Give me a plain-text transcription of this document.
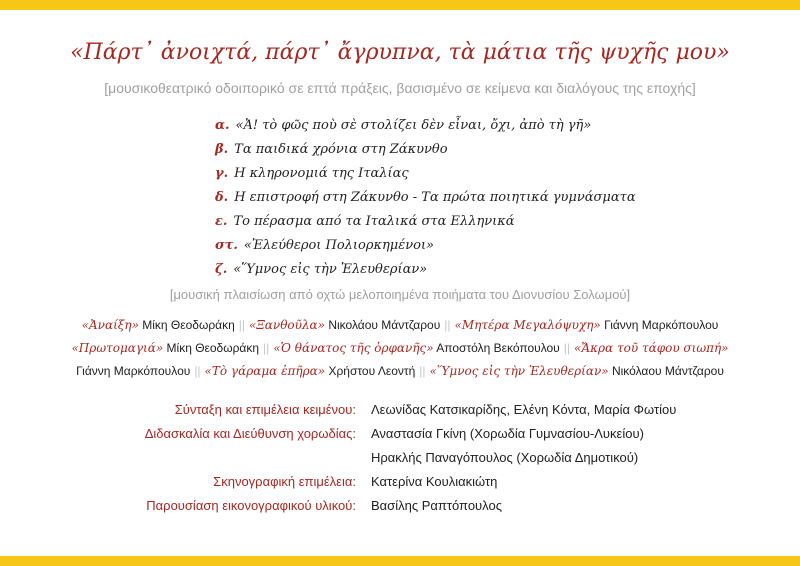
«Πάρτ᾽ ἀνοιχτά, πάρτ᾽ ἄγρυπνα, τὰ μάτια τῆς ψυχῆς μου»
[μουσικοθεατρικό οδοιπορικό σε επτά πράξεις, βασισμένο σε κείμενα και διαλόγους της εποχής]
α. «Ἀ! τὸ φῶς ποὺ σὲ στολίζει δὲν εἶναι, ὄχι, ἀπὸ τὴ γῆ»
β. Τα παιδικά χρόνια στη Ζάκυνθο
γ. Η κληρονομιά της Ιταλίας
δ. Η επιστροφή στη Ζάκυνθο - Τα πρώτα ποιητικά γυμνάσματα
ε. Το πέρασμα από τα Ιταλικά στα Ελληνικά
στ. «Ἐλεύθεροι Πολιορκημένοι»
ζ. «Ὕμνος εἰς τὴν Ἐλευθερίαν»
[μουσική πλαισίωση από οχτώ μελοποιημένα ποιήματα του Διονυσίου Σολωμού]
«Ἀναίξη» Μίκη Θεοδωράκη || «Ξανθοῦλα» Νικολάου Μάντζαρου || «Μητέρα Μεγαλόψυχη» Γιάννη Μαρκόπουλου
«Πρωτομαγιά» Μίκη Θεοδωράκη || «Ὁ θάνατος τῆς ὀρφανῆς» Αποστόλη Βεκόπουλου || «Ἄκρα τοῦ τάφου σιωπή»
Γιάννη Μαρκόπουλου || «Τὸ γάραμα ἐπῆρα» Χρήστου Λεοντή || «Ὕμνος εἰς τὴν Ἐλευθερίαν» Νικόλαου Μάντζαρου
Σύνταξη και επιμέλεια κειμένου: Λεωνίδας Κατσικαρίδης, Ελένη Κόντα, Μαρία Φωτίου
Διδασκαλία και Διεύθυνση χορωδίας: Αναστασία Γκίνη (Χορωδία Γυμνασίου-Λυκείου)
Ηρακλής Παναγόπουλος (Χορωδία Δημοτικού)
Σκηνογραφική επιμέλεια: Κατερίνα Κουλιακιώτη
Παρουσίαση εικονογραφικού υλικού: Βασίλης Ραπτόπουλος
